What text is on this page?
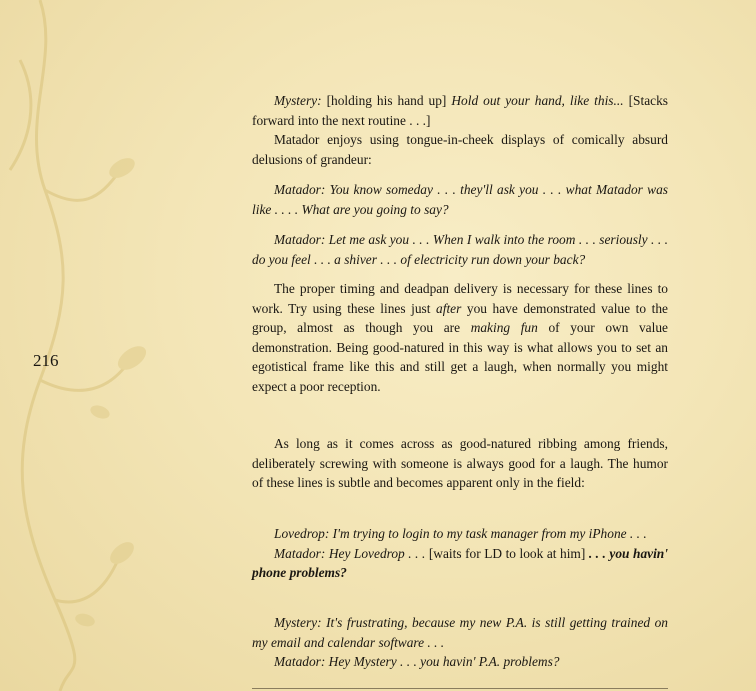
216

Mystery: [holding his hand up] Hold out your hand, like this... [Stacks forward into the next routine . . .]

Matador enjoys using tongue-in-cheek displays of comically absurd delusions of grandeur:

Matador: You know someday . . . they'll ask you . . . what Matador was like . . . . What are you going to say?

Matador: Let me ask you . . . When I walk into the room . . . seriously . . . do you feel . . . a shiver . . . of electricity run down your back?

The proper timing and deadpan delivery is necessary for these lines to work. Try using these lines just after you have demonstrated value to the group, almost as though you are making fun of your own value demonstration. Being good-natured in this way is what allows you to set an egotistical frame like this and still get a laugh, when normally you might expect a poor reception.

As long as it comes across as good-natured ribbing among friends, deliberately screwing with someone is always good for a laugh. The humor of these lines is subtle and becomes apparent only in the field:

Lovedrop: I'm trying to login to my task manager from my iPhone . . .

Matador: Hey Lovedrop . . . [waits for LD to look at him] . . . you havin' phone problems?

Mystery: It's frustrating, because my new P.A. is still getting trained on my email and calendar software . . .

Matador: Hey Mystery . . . you havin' P.A. problems?
